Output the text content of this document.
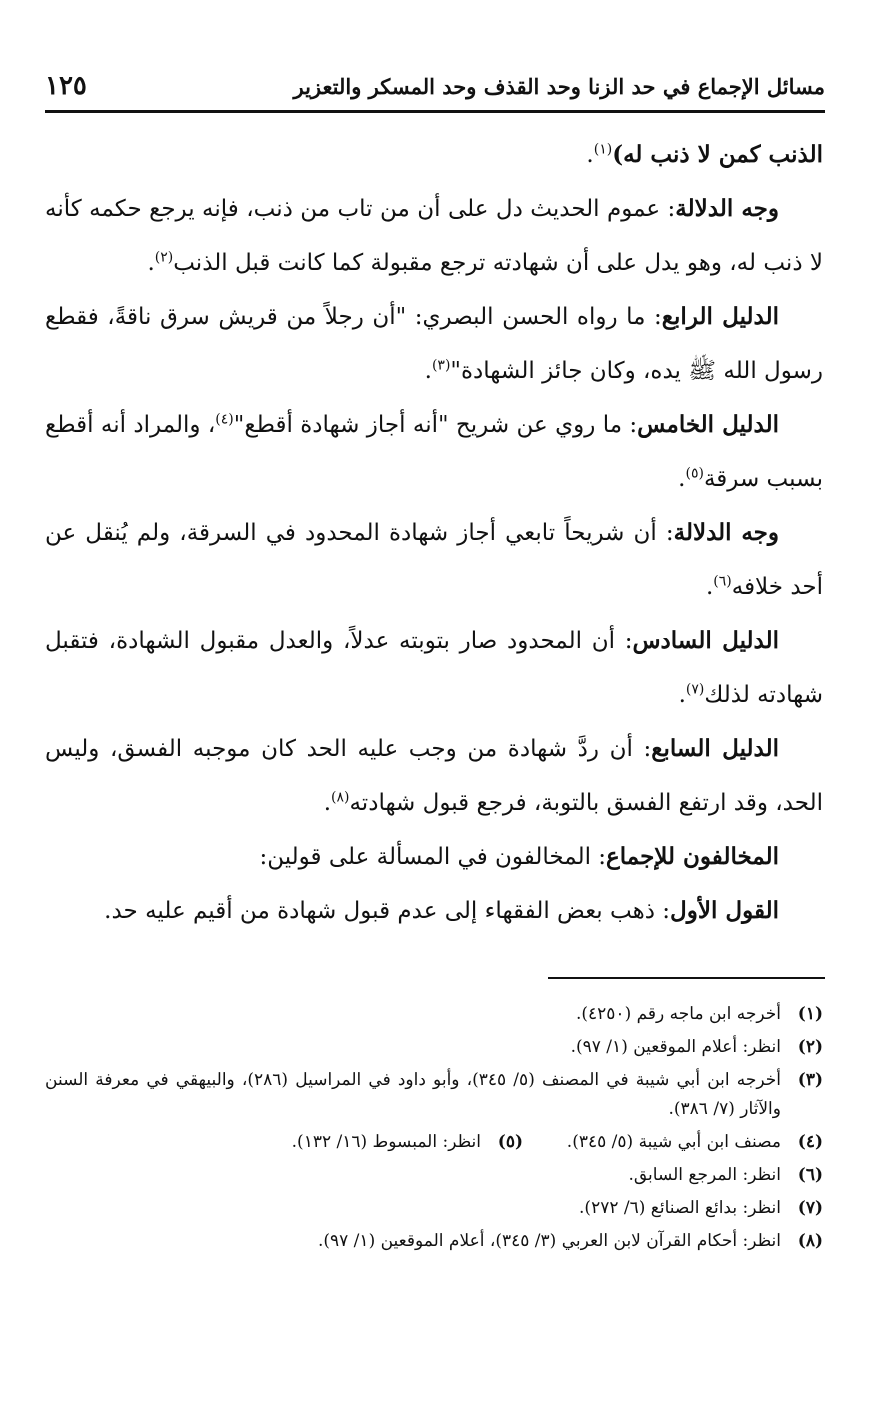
مسائل الإجماع في حد الزنا وحد القذف وحد المسكر والتعزير
١٢٥

الذنب كمن لا ذنب له)$^{(١)}$.

وجه الدلالة: عموم الحديث دل على أن من تاب من ذنب، فإنه يرجع حكمه كأنه لا ذنب له، وهو يدل على أن شهادته ترجع مقبولة كما كانت قبل الذنب$^{(٢)}$.

الدليل الرابع: ما رواه الحسن البصري: "أن رجلاً من قريش سرق ناقةً، فقطع رسول الله ﷺ يده، وكان جائز الشهادة"$^{(٣)}$.

الدليل الخامس: ما روي عن شريح "أنه أجاز شهادة أقطع"$^{(٤)}$، والمراد أنه أقطع بسبب سرقة$^{(٥)}$.

وجه الدلالة: أن شريحاً تابعي أجاز شهادة المحدود في السرقة، ولم يُنقل عن أحد خلافه$^{(٦)}$.

الدليل السادس: أن المحدود صار بتوبته عدلاً، والعدل مقبول الشهادة، فتقبل شهادته لذلك$^{(٧)}$.

الدليل السابع: أن ردَّ شهادة من وجب عليه الحد كان موجبه الفسق، وليس الحد، وقد ارتفع الفسق بالتوبة، فرجع قبول شهادته$^{(٨)}$.

المخالفون للإجماع: المخالفون في المسألة على قولين:

القول الأول: ذهب بعض الفقهاء إلى عدم قبول شهادة من أقيم عليه حد.

(١)
أخرجه ابن ماجه رقم (٤٢٥٠).
(٢)
انظر: أعلام الموقعين (١/ ٩٧).
(٣)
أخرجه ابن أبي شيبة في المصنف (٥/ ٣٤٥)، وأبو داود في المراسيل (٢٨٦)، والبيهقي في معرفة السنن والآثار (٧/ ٣٨٦).
(٤)
مصنف ابن أبي شيبة (٥/ ٣٤٥).
(٥)
انظر: المبسوط (١٦/ ١٣٢).
(٦)
انظر: المرجع السابق.
(٧)
انظر: بدائع الصنائع (٦/ ٢٧٢).
(٨)
انظر: أحكام القرآن لابن العربي (٣/ ٣٤٥)، أعلام الموقعين (١/ ٩٧).
